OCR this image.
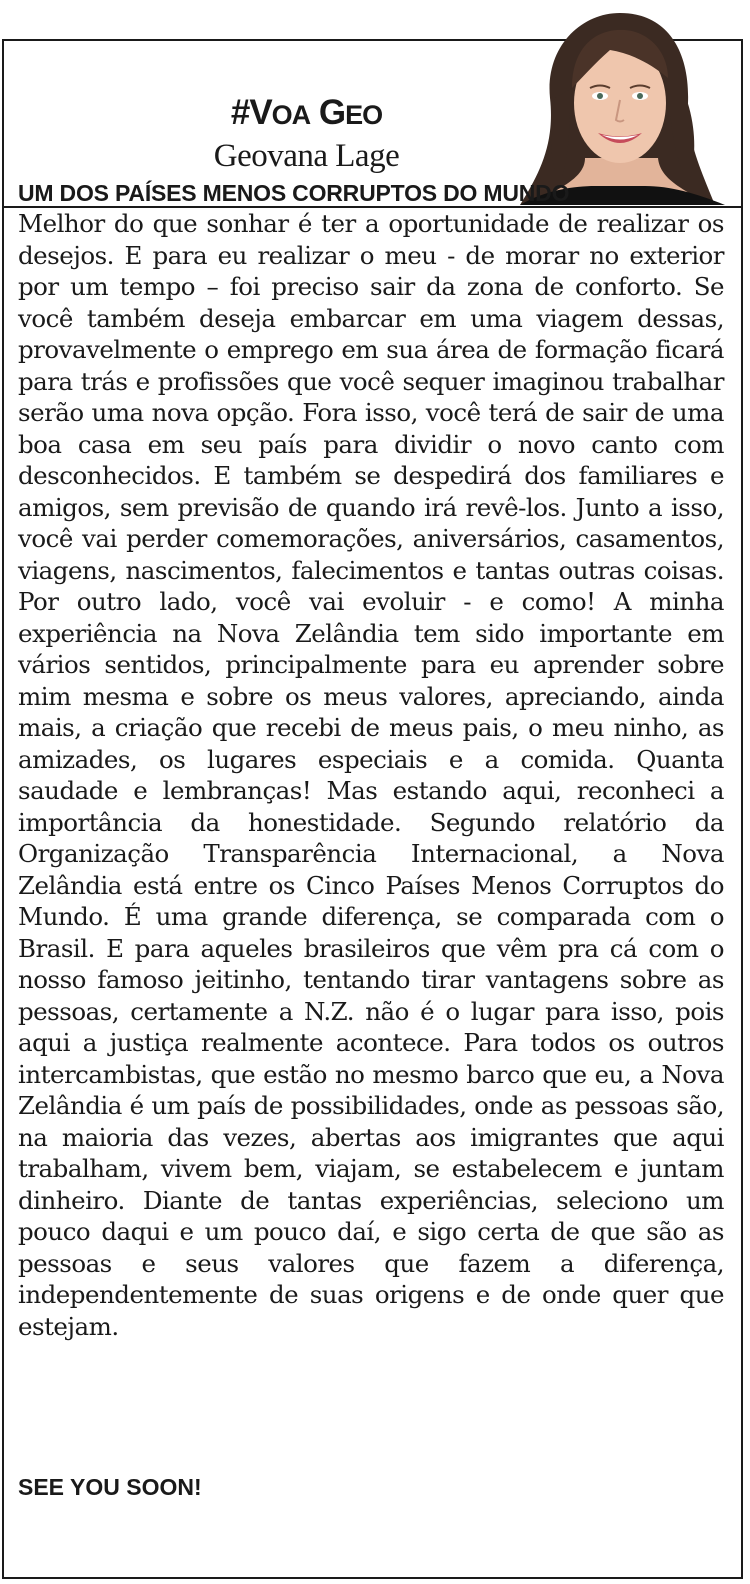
#VOA GEO
Geovana Lage
UM DOS PAÍSES MENOS CORRUPTOS DO MUNDO

Melhor do que sonhar é ter a oportunidade de realizar os desejos. E para eu realizar o meu - de morar no exterior por um tempo – foi preciso sair da zona de conforto. Se você também deseja embarcar em uma viagem dessas, provavelmente o emprego em sua área de formação ficará para trás e profissões que você sequer imaginou trabalhar serão uma nova opção. Fora isso, você terá de sair de uma boa casa em seu país para dividir o novo canto com desconhecidos. E também se despedirá dos familiares e amigos, sem previsão de quando irá revê-los. Junto a isso, você vai perder comemorações, aniversários, casamentos, viagens, nascimentos, falecimentos e tantas outras coisas. Por outro lado, você vai evoluir - e como! A minha experiência na Nova Zelândia tem sido importante em vários sentidos, principalmente para eu aprender sobre mim mesma e sobre os meus valores, apreciando, ainda mais, a criação que recebi de meus pais, o meu ninho, as amizades, os lugares especiais e a comida. Quanta saudade e lembranças! Mas estando aqui, reconheci a importância da honestidade. Segundo relatório da Organização Transparência Internacional, a Nova Zelândia está entre os Cinco Países Menos Corruptos do Mundo. É uma grande diferença, se comparada com o Brasil. E para aqueles brasileiros que vêm pra cá com o nosso famoso jeitinho, tentando tirar vantagens sobre as pessoas, certamente a N.Z. não é o lugar para isso, pois aqui a justiça realmente acontece. Para todos os outros intercambistas, que estão no mesmo barco que eu, a Nova Zelândia é um país de possibilidades, onde as pessoas são, na maioria das vezes, abertas aos imigrantes que aqui trabalham, vivem bem, viajam, se estabelecem e juntam dinheiro. Diante de tantas experiências, seleciono um pouco daqui e um pouco daí, e sigo certa de que são as pessoas e seus valores que fazem a diferença, independentemente de suas origens e de onde quer que estejam.

SEE YOU SOON!
